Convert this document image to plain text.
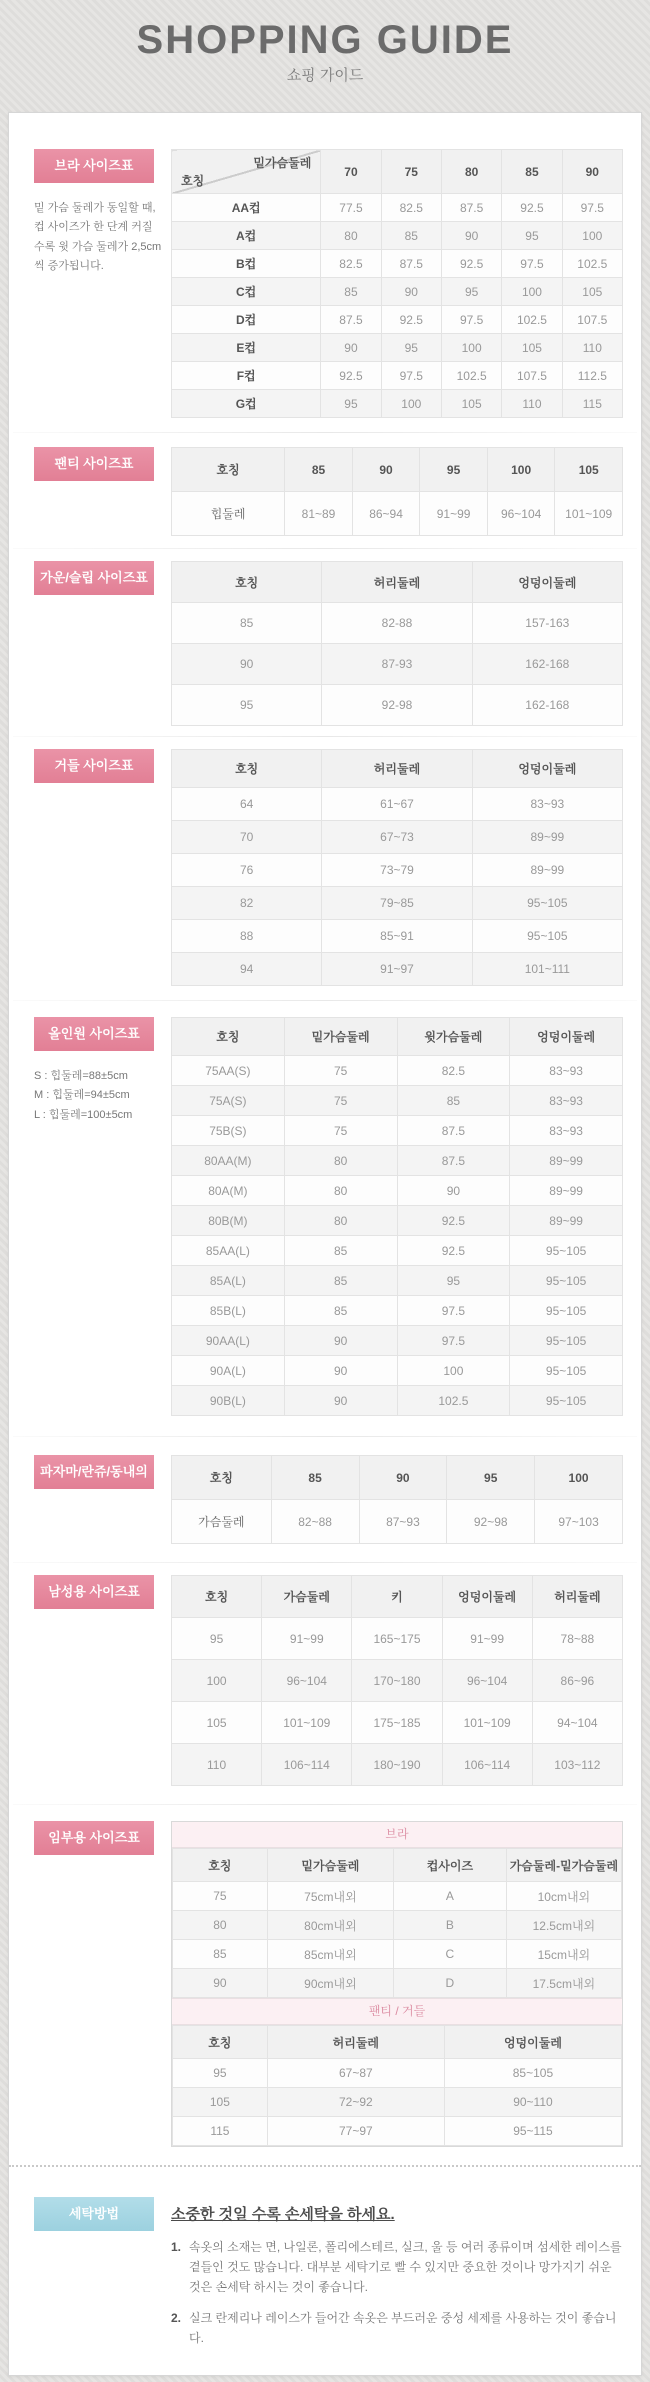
SHOPPING GUIDE
쇼핑 가이드
브라 사이즈표
밑 가슴 둘레가 동일할 때, 컵 사이즈가 한 단계 커질수록 윗 가슴 둘레가 2,5cm씩 증가됩니다.
밑가슴둘레
호칭	70	75	80	85	90
AA컵	77.5	82.5	87.5	92.5	97.5
A컵	80	85	90	95	100
B컵	82.5	87.5	92.5	97.5	102.5
C컵	85	90	95	100	105
D컵	87.5	92.5	97.5	102.5	107.5
E컵	90	95	100	105	110
F컵	92.5	97.5	102.5	107.5	112.5
G컵	95	100	105	110	115
팬티 사이즈표	호칭	85	90	95	100	105
힙둘레	81~89	86~94	91~99	96~104	101~109
가운/슬립 사이즈표	호칭	허리둘레	엉덩이둘레
85	82-88	157-163
90	87-93	162-168
95	92-98	162-168
거들 사이즈표	호칭	허리둘레	엉덩이둘레
64	61~67	83~93
70	67~73	89~99
76	73~79	89~99
82	79~85	95~105
88	85~91	95~105
94	91~97	101~111
올인원 사이즈표
S : 힙둘레=88±5cm
M : 힙둘레=94±5cm
L : 힙둘레=100±5cm
호칭	밑가슴둘레	윗가슴둘레	엉덩이둘레
75AA(S)	75	82.5	83~93
75A(S)	75	85	83~93
75B(S)	75	87.5	83~93
80AA(M)	80	87.5	89~99
80A(M)	80	90	89~99
80B(M)	80	92.5	89~99
85AA(L)	85	92.5	95~105
85A(L)	85	95	95~105
85B(L)	85	97.5	95~105
90AA(L)	90	97.5	95~105
90A(L)	90	100	95~105
90B(L)	90	102.5	95~105
파자마/란쥬/동내의	호칭	85	90	95	100
가슴둘레	82~88	87~93	92~98	97~103
남성용 사이즈표	호칭	가슴둘레	키	엉덩이둘레	허리둘레
95	91~99	165~175	91~99	78~88
100	96~104	170~180	96~104	86~96
105	101~109	175~185	101~109	94~104
110	106~114	180~190	106~114	103~112
임부용 사이즈표	브라
호칭	밑가슴둘레	컵사이즈	가슴둘레-밑가슴둘레
75	75cm내외	A	10cm내외
80	80cm내외	B	12.5cm내외
85	85cm내외	C	15cm내외
90	90cm내외	D	17.5cm내외
팬티 / 거들
호칭	허리둘레	엉덩이둘레
95	67~87	85~105
105	72~92	90~110
115	77~97	95~115
세탁방법	소중한 것일 수록 손세탁을 하세요.
1. 속옷의 소재는 면, 나일론, 폴리에스테르, 실크, 울 등 여러 종류이며 섬세한 레이스를 곁들인 것도 많습니다. 대부분 세탁기로 빨 수 있지만 중요한 것이나 망가지기 쉬운 것은 손세탁 하시는 것이 좋습니다.
2. 실크 란제리나 레이스가 들어간 속옷은 부드러운 중성 세제를 사용하는 것이 좋습니다.
